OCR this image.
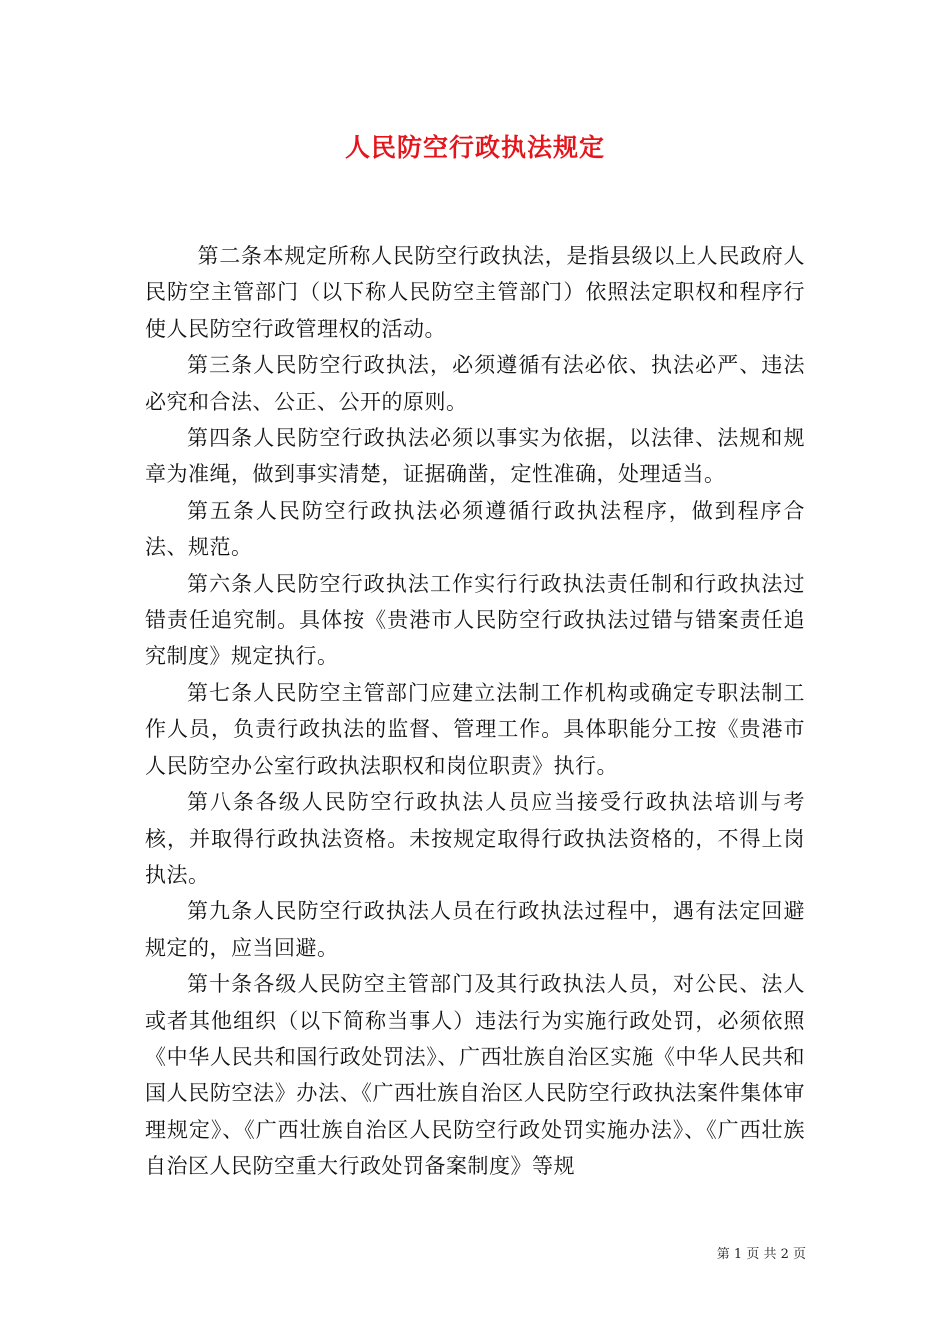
人民防空行政执法规定

第二条本规定所称人民防空行政执法，是指县级以上人民政府人民防空主管部门（以下称人民防空主管部门）依照法定职权和程序行使人民防空行政管理权的活动。

第三条人民防空行政执法，必须遵循有法必依、执法必严、违法必究和合法、公正、公开的原则。

第四条人民防空行政执法必须以事实为依据，以法律、法规和规章为准绳，做到事实清楚，证据确凿，定性准确，处理适当。

第五条人民防空行政执法必须遵循行政执法程序，做到程序合法、规范。

第六条人民防空行政执法工作实行行政执法责任制和行政执法过错责任追究制。具体按《贵港市人民防空行政执法过错与错案责任追究制度》规定执行。

第七条人民防空主管部门应建立法制工作机构或确定专职法制工作人员，负责行政执法的监督、管理工作。具体职能分工按《贵港市人民防空办公室行政执法职权和岗位职责》执行。

第八条各级人民防空行政执法人员应当接受行政执法培训与考核，并取得行政执法资格。未按规定取得行政执法资格的，不得上岗执法。

第九条人民防空行政执法人员在行政执法过程中，遇有法定回避规定的，应当回避。

第十条各级人民防空主管部门及其行政执法人员，对公民、法人或者其他组织（以下简称当事人）违法行为实施行政处罚，必须依照《中华人民共和国行政处罚法》、广西壮族自治区实施《中华人民共和国人民防空法》办法、《广西壮族自治区人民防空行政执法案件集体审理规定》、《广西壮族自治区人民防空行政处罚实施办法》、《广西壮族自治区人民防空重大行政处罚备案制度》等规

第 1 页 共 2 页
